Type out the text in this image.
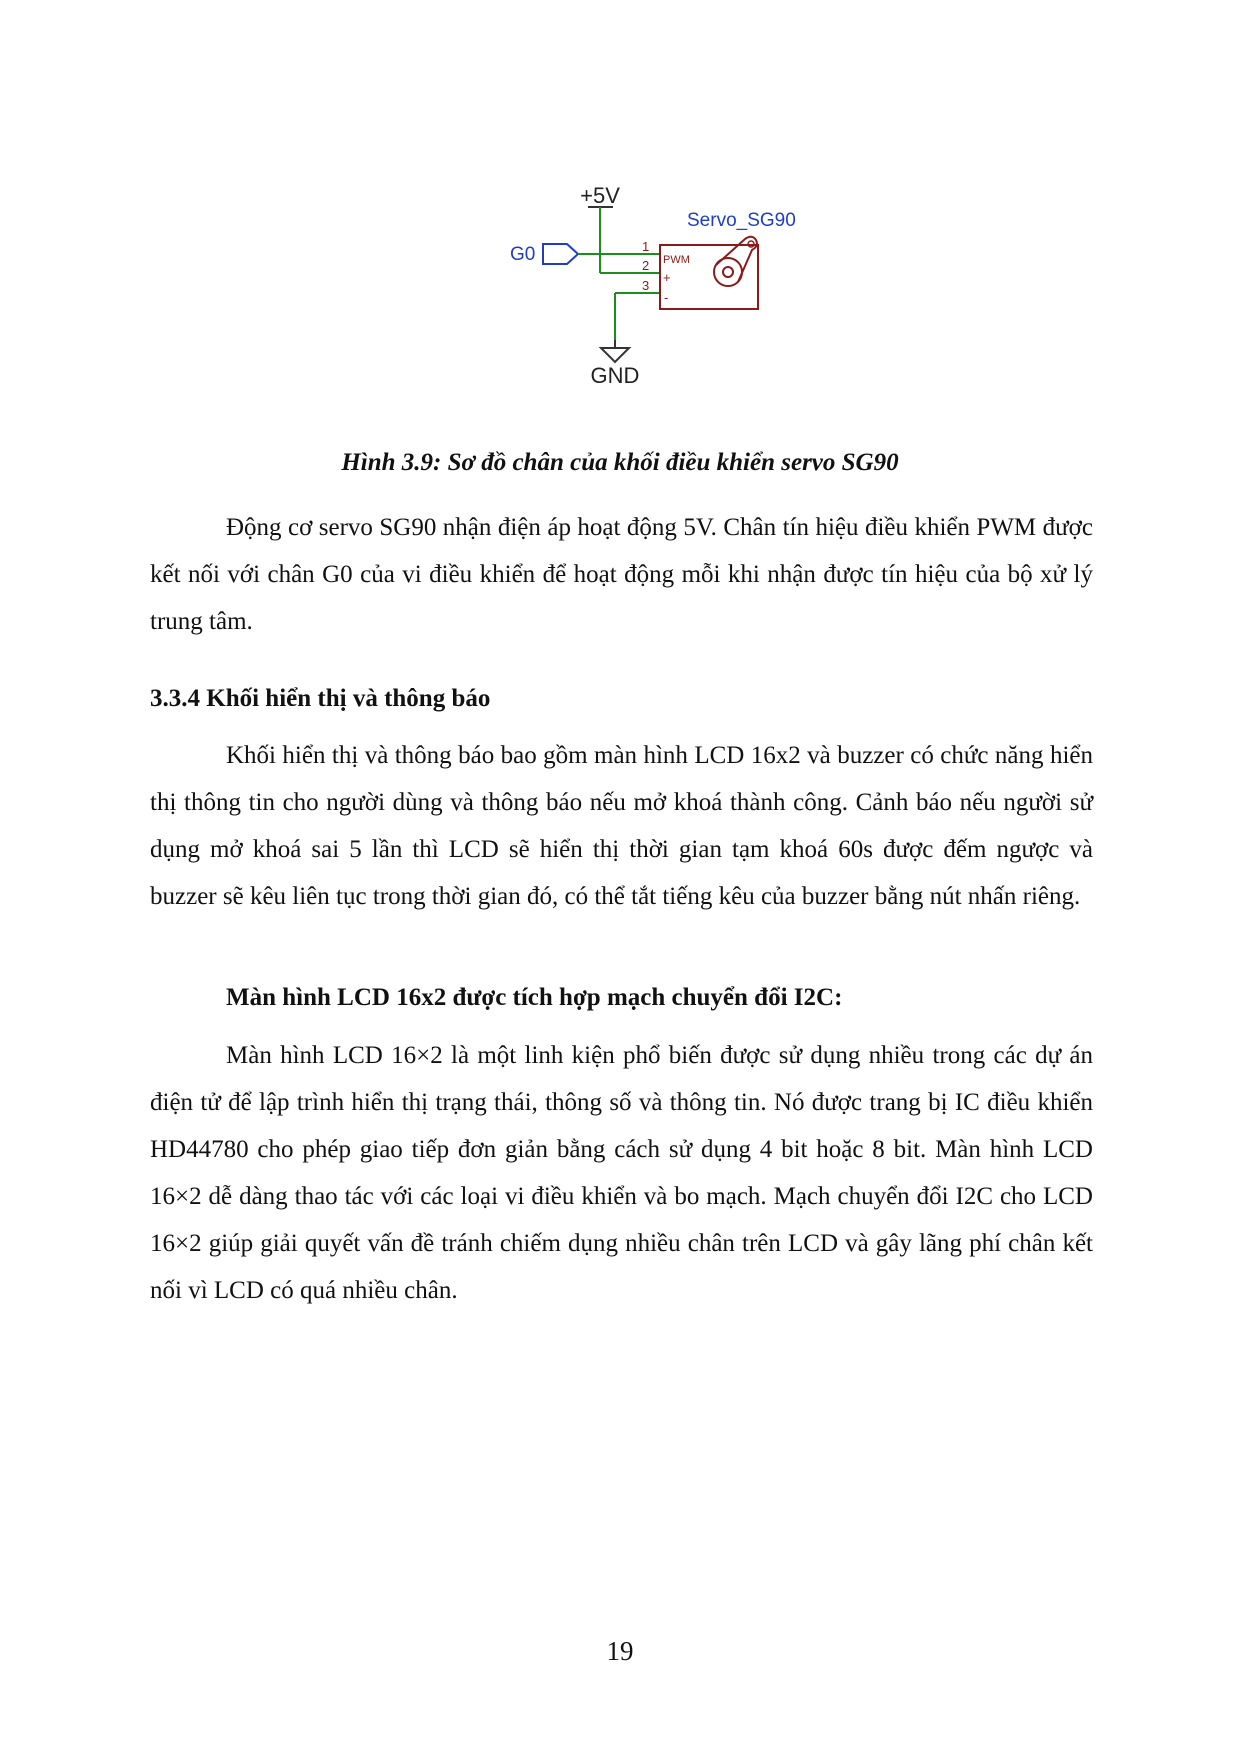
+5V
G0
GND
1
2
3
PWM
+
-
Servo_SG90
Hình 3.9: Sơ đồ chân của khối điều khiển servo SG90

Động cơ servo SG90 nhận điện áp hoạt động 5V. Chân tín hiệu điều khiển PWM được kết nối với chân G0 của vi điều khiển để hoạt động mỗi khi nhận được tín hiệu của bộ xử lý trung tâm.

3.3.4 Khối hiển thị và thông báo

Khối hiển thị và thông báo bao gồm màn hình LCD 16x2 và buzzer có chức năng hiển thị thông tin cho người dùng và thông báo nếu mở khoá thành công. Cảnh báo nếu người sử dụng mở khoá sai 5 lần thì LCD sẽ hiển thị thời gian tạm khoá 60s được đếm ngược và buzzer sẽ kêu liên tục trong thời gian đó, có thể tắt tiếng kêu của buzzer bằng nút nhấn riêng.

Màn hình LCD 16x2 được tích hợp mạch chuyển đổi I2C:

Màn hình LCD 16×2 là một linh kiện phổ biến được sử dụng nhiều trong các dự án điện tử để lập trình hiển thị trạng thái, thông số và thông tin. Nó được trang bị IC điều khiển HD44780 cho phép giao tiếp đơn giản bằng cách sử dụng 4 bit hoặc 8 bit. Màn hình LCD 16×2 dễ dàng thao tác với các loại vi điều khiển và bo mạch. Mạch chuyển đổi I2C cho LCD 16×2 giúp giải quyết vấn đề tránh chiếm dụng nhiều chân trên LCD và gây lãng phí chân kết nối vì LCD có quá nhiều chân.

19
